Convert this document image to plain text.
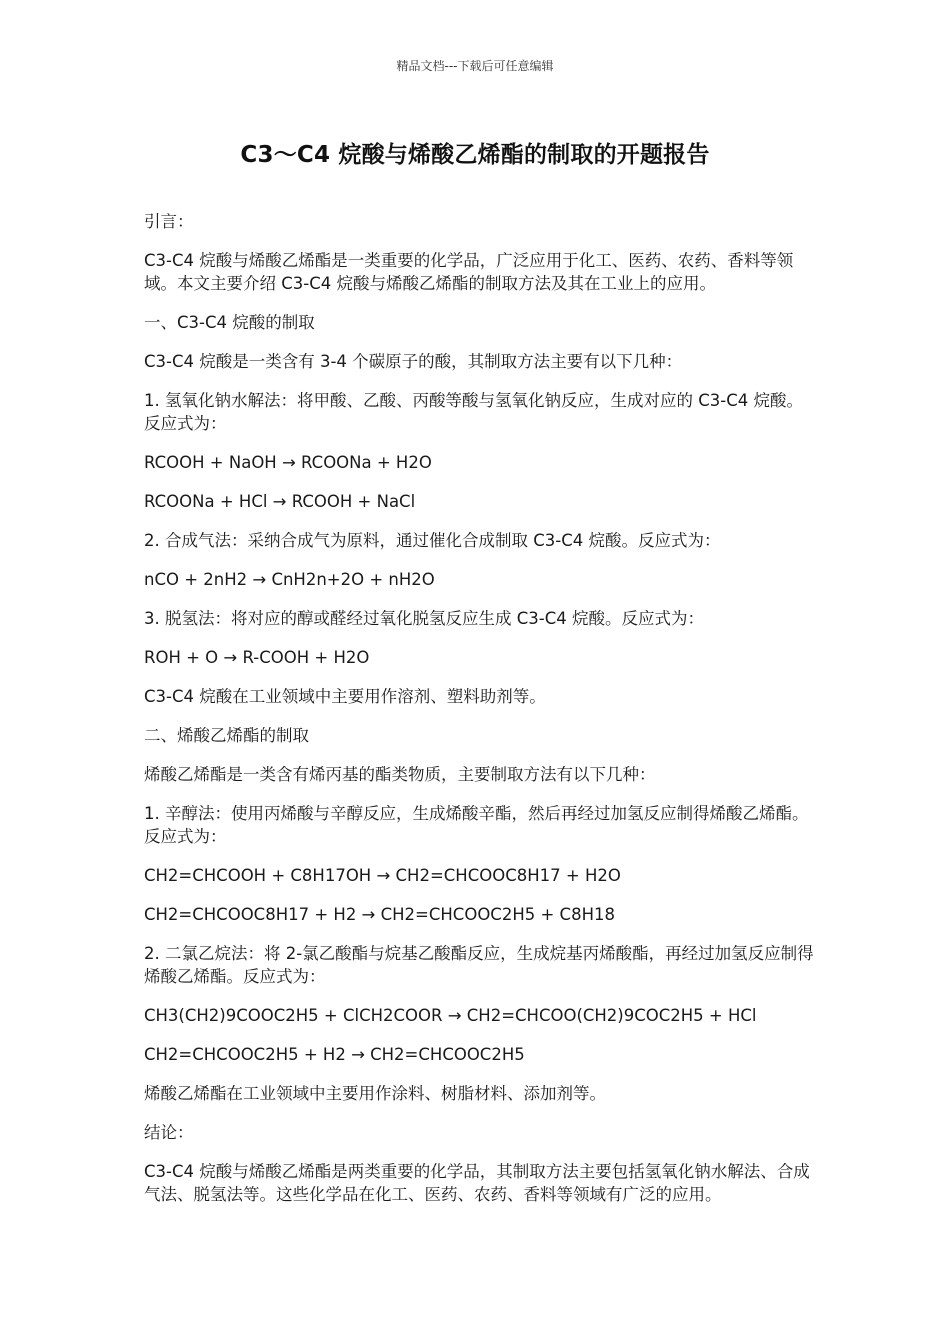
精品文档---下载后可任意编辑
C3～C4 烷酸与烯酸乙烯酯的制取的开题报告

引言：

C3-C4 烷酸与烯酸乙烯酯是一类重要的化学品，广泛应用于化工、医药、农药、香料等领域。本文主要介绍 C3-C4 烷酸与烯酸乙烯酯的制取方法及其在工业上的应用。

一、C3-C4 烷酸的制取

C3-C4 烷酸是一类含有 3-4 个碳原子的酸，其制取方法主要有以下几种：

1. 氢氧化钠水解法：将甲酸、乙酸、丙酸等酸与氢氧化钠反应，生成对应的 C3-C4 烷酸。反应式为：

RCOOH + NaOH → RCOONa + H2O

RCOONa + HCl → RCOOH + NaCl

2. 合成气法：采纳合成气为原料，通过催化合成制取 C3-C4 烷酸。反应式为：

nCO + 2nH2 → CnH2n+2O + nH2O

3. 脱氢法：将对应的醇或醛经过氧化脱氢反应生成 C3-C4 烷酸。反应式为：

ROH + O → R-COOH + H2O

C3-C4 烷酸在工业领域中主要用作溶剂、塑料助剂等。

二、烯酸乙烯酯的制取

烯酸乙烯酯是一类含有烯丙基的酯类物质，主要制取方法有以下几种：

1. 辛醇法：使用丙烯酸与辛醇反应，生成烯酸辛酯，然后再经过加氢反应制得烯酸乙烯酯。反应式为：

CH2=CHCOOH + C8H17OH → CH2=CHCOOC8H17 + H2O

CH2=CHCOOC8H17 + H2 → CH2=CHCOOC2H5 + C8H18

2. 二氯乙烷法：将 2-氯乙酸酯与烷基乙酸酯反应，生成烷基丙烯酸酯，再经过加氢反应制得烯酸乙烯酯。反应式为：

CH3(CH2)9COOC2H5 + ClCH2COOR → CH2=CHCOO(CH2)9COC2H5 + HCl

CH2=CHCOOC2H5 + H2 → CH2=CHCOOC2H5

烯酸乙烯酯在工业领域中主要用作涂料、树脂材料、添加剂等。

结论：

C3-C4 烷酸与烯酸乙烯酯是两类重要的化学品，其制取方法主要包括氢氧化钠水解法、合成气法、脱氢法等。这些化学品在化工、医药、农药、香料等领域有广泛的应用。
